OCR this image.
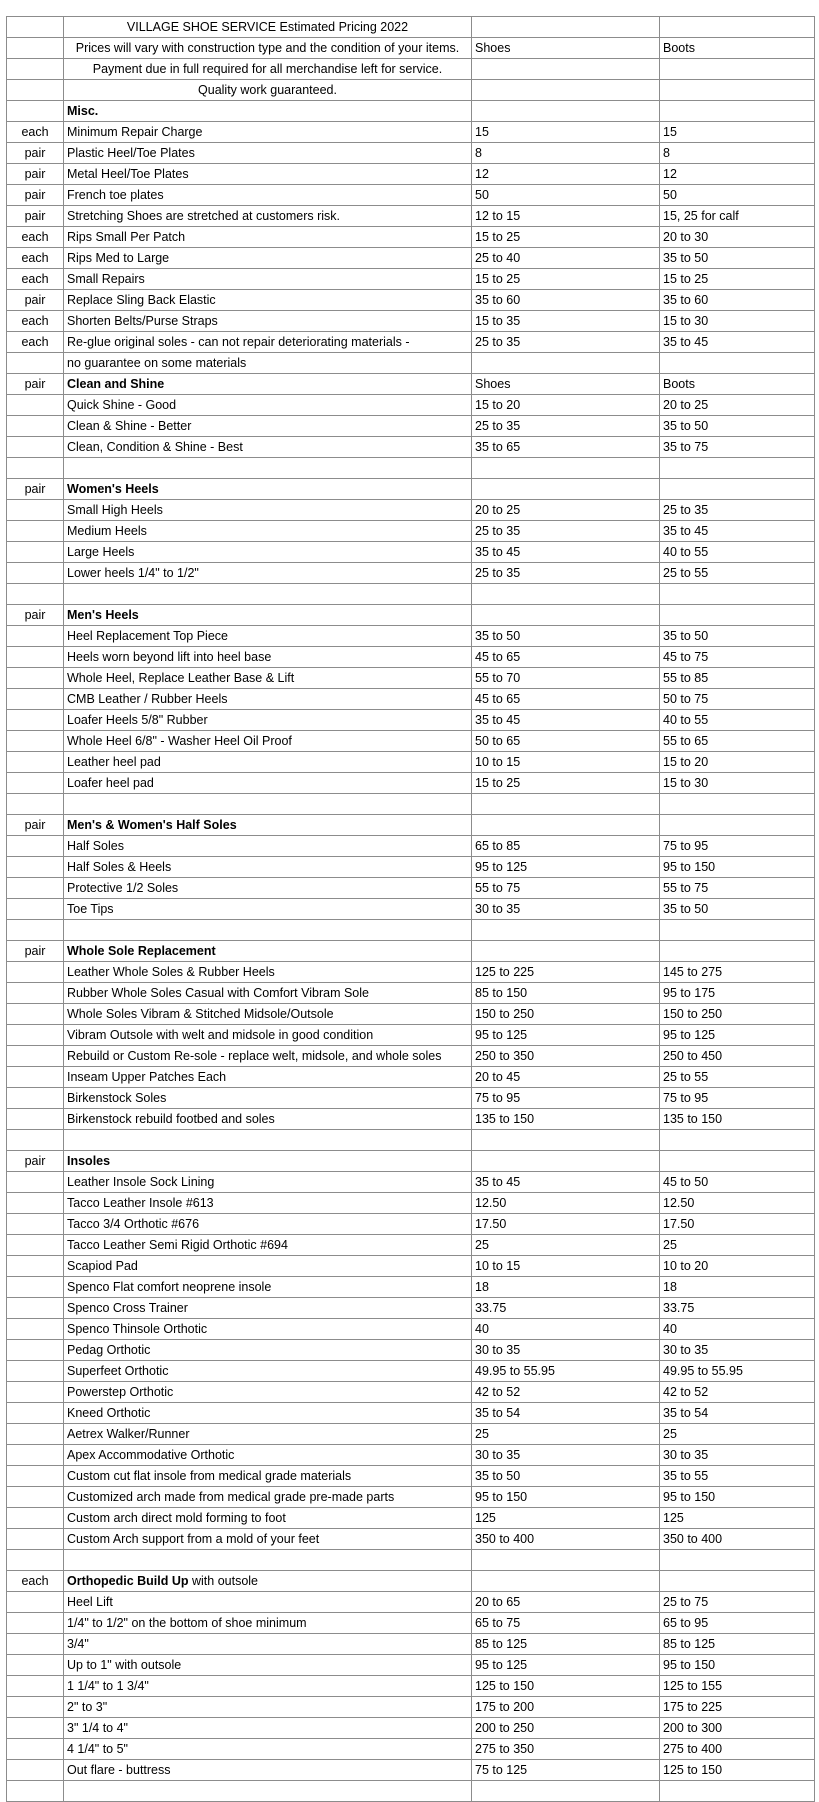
	VILLAGE SHOE SERVICE Estimated Pricing 2022		
	Prices will vary with construction type and the condition of your items.	Shoes	Boots
	Payment due in full required for all merchandise left for service.		
	Quality work guaranteed.		
	Misc.		
each	Minimum Repair Charge	15	15
pair	Plastic Heel/Toe Plates	8	8
pair	Metal Heel/Toe Plates	12	12
pair	French toe plates	50	50
pair	Stretching Shoes are stretched at customers risk.	12 to 15	15, 25 for calf
each	Rips Small Per Patch	15 to 25	20 to 30
each	Rips Med to Large	25 to 40	35 to 50
each	Small Repairs	15 to 25	15 to 25
pair	Replace Sling Back Elastic	35 to 60	35 to 60
each	Shorten Belts/Purse Straps	15 to 35	15 to 30
each	Re-glue original soles - can not repair deteriorating materials -	25 to 35	35 to 45
	no guarantee on some materials		
pair	Clean and Shine	Shoes	Boots
	Quick Shine - Good	15 to 20	20 to 25
	Clean & Shine - Better	25 to 35	35 to 50
	Clean, Condition & Shine - Best	35 to 65	35 to 75

pair	Women's Heels		
	Small High Heels	20 to 25	25 to 35
	Medium Heels	25 to 35	35 to 45
	Large Heels	35 to 45	40 to 55
	Lower heels 1/4" to 1/2"	25 to 35	25 to 55

pair	Men's Heels		
	Heel Replacement Top Piece	35 to 50	35 to 50
	Heels worn beyond lift into heel base	45 to 65	45 to 75
	Whole Heel, Replace Leather Base & Lift	55 to 70	55 to 85
	CMB Leather / Rubber Heels	45 to 65	50 to 75
	Loafer Heels 5/8" Rubber	35 to 45	40 to 55
	Whole Heel 6/8" - Washer Heel Oil Proof	50 to 65	55 to 65
	Leather heel pad	10 to 15	15 to 20
	Loafer heel pad	15 to 25	15 to 30

pair	Men's & Women's Half Soles		
	Half Soles	65 to 85	75 to 95
	Half Soles & Heels	95 to 125	95 to 150
	Protective 1/2 Soles	55 to 75	55 to 75
	Toe Tips	30 to 35	35 to 50

pair	Whole Sole Replacement		
	Leather Whole Soles & Rubber Heels	125 to 225	145 to 275
	Rubber Whole Soles Casual with Comfort Vibram Sole	85 to 150	95 to 175
	Whole Soles Vibram & Stitched Midsole/Outsole	150 to 250	150 to 250
	Vibram Outsole with welt and midsole in good condition	95 to 125	95 to 125
	Rebuild or Custom Re-sole - replace welt, midsole, and whole soles	250 to 350	250 to 450
	Inseam Upper Patches Each	20 to 45	25 to 55
	Birkenstock Soles	75 to 95	75 to 95
	Birkenstock rebuild footbed and soles	135 to 150	135 to 150

pair	Insoles		
	Leather Insole Sock Lining	35 to 45	45 to 50
	Tacco Leather Insole #613	12.50	12.50
	Tacco 3/4 Orthotic #676	17.50	17.50
	Tacco Leather Semi Rigid Orthotic #694	25	25
	Scapiod Pad	10 to 15	10 to 20
	Spenco Flat comfort neoprene insole	18	18
	Spenco Cross Trainer	33.75	33.75
	Spenco Thinsole Orthotic	40	40
	Pedag Orthotic	30 to 35	30 to 35
	Superfeet Orthotic	49.95 to 55.95	49.95 to 55.95
	Powerstep Orthotic	42 to 52	42 to 52
	Kneed Orthotic	35 to 54	35 to 54
	Aetrex Walker/Runner	25	25
	Apex Accommodative Orthotic	30 to 35	30 to 35
	Custom cut flat insole from medical grade materials	35 to 50	35 to 55
	Customized arch made from medical grade pre-made parts	95 to 150	95 to 150
	Custom arch direct mold forming to foot	125	125
	Custom Arch support from a mold of your feet	350 to 400	350 to 400

each	Orthopedic Build Up with outsole		
	Heel Lift	20 to 65	25 to 75
	1/4" to 1/2" on the bottom of shoe minimum	65 to 75	65 to 95
	3/4"	85 to 125	85 to 125
	Up to 1" with outsole	95 to 125	95 to 150
	1 1/4" to 1 3/4"	125 to 150	125 to 155
	2" to 3"	175 to 200	175 to 225
	3" 1/4 to 4"	200 to 250	200 to 300
	4 1/4" to 5"	275 to 350	275 to 400
	Out flare - buttress	75 to 125	125 to 150
